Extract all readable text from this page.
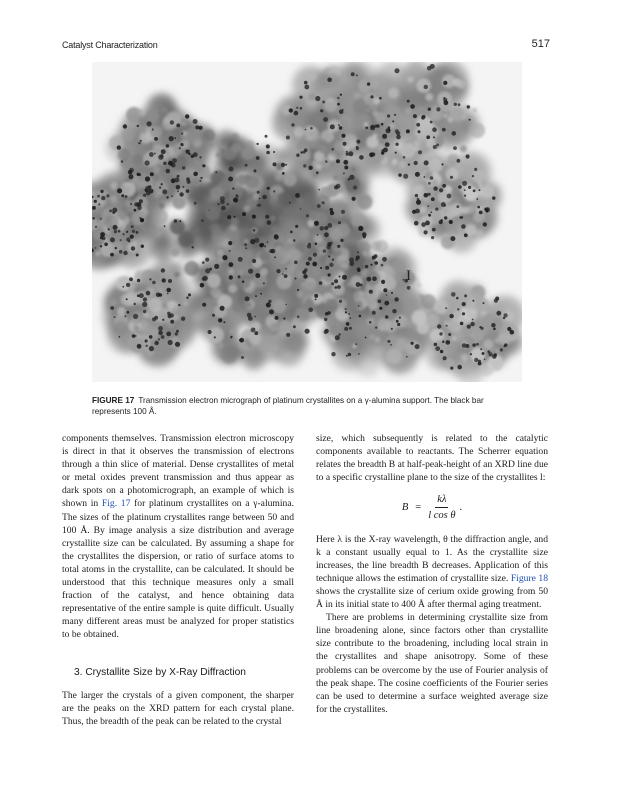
Catalyst Characterization	517
I
FIGURE 17 Transmission electron micrograph of platinum crystallites on a γ-alumina support. The black bar represents 100 Å.

components themselves. Transmission electron microscopy is direct in that it observes the transmission of electrons through a thin slice of material. Dense crystallites of metal or metal oxides prevent transmission and thus appear as dark spots on a photomicrograph, an example of which is shown in Fig. 17 for platinum crystallites on a γ-alumina. The sizes of the platinum crystallites range between 50 and 100 Å. By image analysis a size distribution and average crystallite size can be calculated. By assuming a shape for the crystallites the dispersion, or ratio of surface atoms to total atoms in the crystallite, can be calculated. It should be understood that this technique measures only a small fraction of the catalyst, and hence obtaining data representative of the entire sample is quite difficult. Usually many different areas must be analyzed for proper statistics to be obtained.

3. Crystallite Size by X-Ray Diffraction

The larger the crystals of a given component, the sharper are the peaks on the XRD pattern for each crystal plane. Thus, the breadth of the peak can be related to the crystal

size, which subsequently is related to the catalytic components available to reactants. The Scherrer equation relates the breadth B at half-peak-height of an XRD line due to a specific crystalline plane to the size of the crystallites l:

$B = \frac{k\lambda}{\text{l cos θ}}$ .

Here λ is the X-ray wavelength, θ the diffraction angle, and k a constant usually equal to 1. As the crystallite size increases, the line breadth B decreases. Application of this technique allows the estimation of crystallite size. Figure 18 shows the crystallite size of cerium oxide growing from 50 Å in its initial state to 400 Å after thermal aging treatment.

There are problems in determining crystallite size from line broadening alone, since factors other than crystallite size contribute to the broadening, including local strain in the crystallites and shape anisotropy. Some of these problems can be overcome by the use of Fourier analysis of the peak shape. The cosine coefficients of the Fourier series can be used to determine a surface weighted average size for the crystallites.
